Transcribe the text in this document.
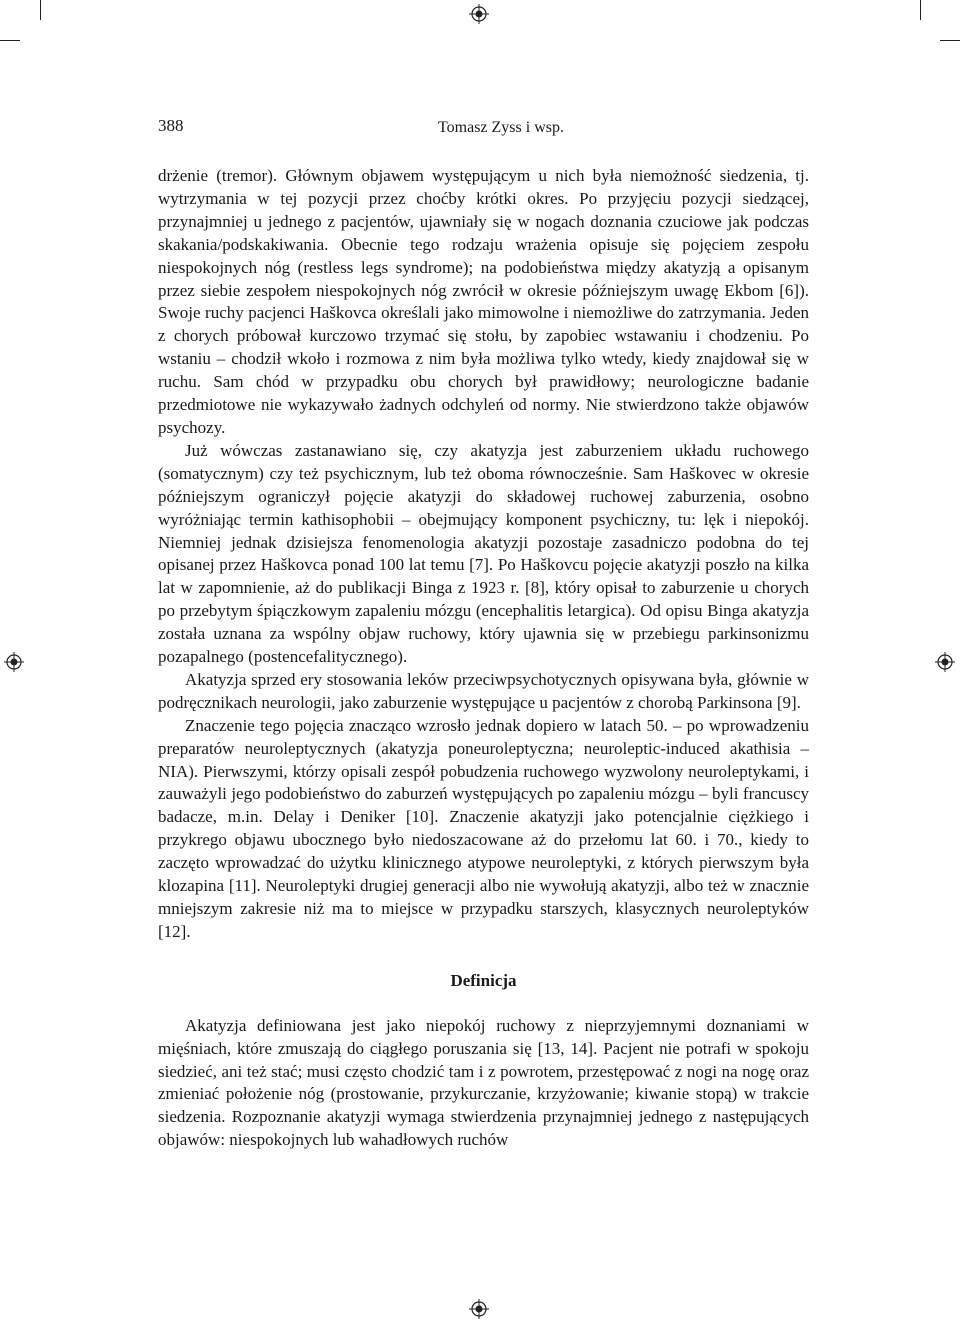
388	Tomasz Zyss i wsp.

drżenie (tremor). Głównym objawem występującym u nich była niemożność siedzenia, tj. wytrzymania w tej pozycji przez choćby krótki okres. Po przyjęciu pozycji siedzącej, przynajmniej u jednego z pacjentów, ujawniały się w nogach doznania czuciowe jak podczas skakania/podskakiwania. Obecnie tego rodzaju wrażenia opisuje się pojęciem zespołu niespokojnych nóg (restless legs syndrome); na podobieństwa między akatyzją a opisanym przez siebie zespołem niespokojnych nóg zwrócił w okresie późniejszym uwagę Ekbom [6]). Swoje ruchy pacjenci Haškovca określali jako mimowolne i niemożliwe do zatrzymania. Jeden z chorych próbował kurczowo trzymać się stołu, by zapobiec wstawaniu i chodzeniu. Po wstaniu – chodził wkoło i rozmowa z nim była możliwa tylko wtedy, kiedy znajdował się w ruchu. Sam chód w przypadku obu chorych był prawidłowy; neurologiczne badanie przedmiotowe nie wykazywało żadnych odchyleń od normy. Nie stwierdzono także objawów psychozy.

Już wówczas zastanawiano się, czy akatyzja jest zaburzeniem układu ruchowego (somatycznym) czy też psychicznym, lub też oboma równocześnie. Sam Haškovec w okresie późniejszym ograniczył pojęcie akatyzji do składowej ruchowej zaburzenia, osobno wyróżniając termin kathisophobii – obejmujący komponent psychiczny, tu: lęk i niepokój. Niemniej jednak dzisiejsza fenomenologia akatyzji pozostaje zasadniczo podobna do tej opisanej przez Haškovca ponad 100 lat temu [7]. Po Haškovcu pojęcie akatyzji poszło na kilka lat w zapomnienie, aż do publikacji Binga z 1923 r. [8], który opisał to zaburzenie u chorych po przebytym śpiączkowym zapaleniu mózgu (encephalitis letargica). Od opisu Binga akatyzja została uznana za wspólny objaw ruchowy, który ujawnia się w przebiegu parkinsonizmu pozapalnego (postencefalitycznego).

Akatyzja sprzed ery stosowania leków przeciwpsychotycznych opisywana była, głównie w podręcznikach neurologii, jako zaburzenie występujące u pacjentów z chorobą Parkinsona [9].

Znaczenie tego pojęcia znacząco wzrosło jednak dopiero w latach 50. – po wprowadzeniu preparatów neuroleptycznych (akatyzja poneuroleptyczna; neuroleptic-induced akathisia – NIA). Pierwszymi, którzy opisali zespół pobudzenia ruchowego wyzwolony neuroleptykami, i zauważyli jego podobieństwo do zaburzeń występujących po zapaleniu mózgu – byli francuscy badacze, m.in. Delay i Deniker [10]. Znaczenie akatyzji jako potencjalnie ciężkiego i przykrego objawu ubocznego było niedoszacowane aż do przełomu lat 60. i 70., kiedy to zaczęto wprowadzać do użytku klinicznego atypowe neuroleptyki, z których pierwszym była klozapina [11]. Neuroleptyki drugiej generacji albo nie wywołują akatyzji, albo też w znacznie mniejszym zakresie niż ma to miejsce w przypadku starszych, klasycznych neuroleptyków [12].

Definicja

Akatyzja definiowana jest jako niepokój ruchowy z nieprzyjemnymi doznaniami w mięśniach, które zmuszają do ciągłego poruszania się [13, 14]. Pacjent nie potrafi w spokoju siedzieć, ani też stać; musi często chodzić tam i z powrotem, przestępować z nogi na nogę oraz zmieniać położenie nóg (prostowanie, przykurczanie, krzyżowanie; kiwanie stopą) w trakcie siedzenia. Rozpoznanie akatyzji wymaga stwierdzenia przynajmniej jednego z następujących objawów: niespokojnych lub wahadłowych ruchów
